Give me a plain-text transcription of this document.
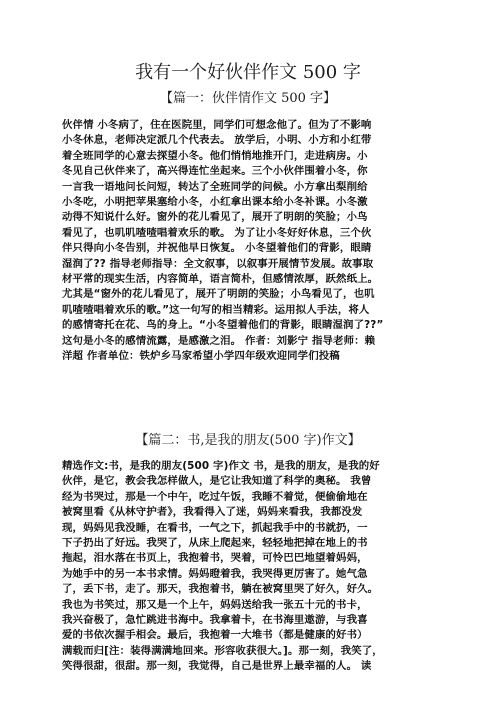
我有一个好伙伴作文 500 字
【篇一：伙伴情作文 500 字】
伙伴情 小冬病了，住在医院里，同学们可想念他了。但为了不影响
小冬休息，老师决定派几个代表去。 放学后，小明、小方和小红带
着全班同学的心意去探望小冬。他们悄悄地推开门，走进病房。小
冬见自己伙伴来了，高兴得连忙坐起来。三个小伙伴围着小冬，你
一言我一语地问长问短，转达了全班同学的问候。小方拿出梨削给
小冬吃，小明把苹果塞给小冬，小红拿出课本给小冬补课。小冬激
动得不知说什么好。窗外的花儿看见了，展开了明朗的笑脸；小鸟
看见了，也叽叽喳喳唱着欢乐的歌。 为了让小冬好好休息，三个伙
伴只得向小冬告别，并祝他早日恢复。 小冬望着他们的背影，眼睛
湿润了?? 指导老师指导：全文叙事，以叙事开展情节发展。故事取
材平常的现实生活，内容简单，语言简朴，但感情浓厚，跃然纸上。
尤其是“窗外的花儿看见了，展开了明朗的笑脸；小鸟看见了，也叽
叽喳喳唱着欢乐的歌。”这一句写的相当精彩。运用拟人手法，将人
的感情寄托在花、鸟的身上。“小冬望着他们的背影，眼睛湿润了??”
这句是小冬的感情流露，是感激之泪。 作者：刘影宁 指导老师：赖
洋超 作者单位：铁炉乡马家希望小学四年级欢迎同学们投稿
【篇二：书,是我的朋友(500 字)作文】
精选作文:书，是我的朋友(500 字)作文 书，是我的朋友，是我的好
伙伴，是它，教会我怎样做人，是它让我知道了科学的奥秘。 我曾
经为书哭过，那是一个中午，吃过午饭，我睡不着觉，便偷偷地在
被窝里看《从林守护者》，我看得入了迷，妈妈来看我，我都没发
现，妈妈见我没睡，在看书，一气之下，抓起我手中的书就扔，一
下子扔出了好远。我哭了，从床上爬起来，轻轻地把掉在地上的书
拖起，泪水落在书页上，我抱着书，哭着，可怜巴巴地望着妈妈，
为她手中的另一本书求情。妈妈瞪着我，我哭得更厉害了。她气急
了，丢下书，走了。那天，我抱着书，躺在被窝里哭了好久，好久。
我也为书笑过，那又是一个上午，妈妈送给我一张五十元的书卡，
我兴奋极了，急忙跳进书海中。我拿着卡，在书海里遨游，与我喜
爱的书依次握手相会。最后，我抱着一大堆书（都是健康的好书）
满载而归[注：装得满满地回来。形容收获很大。]。那一刻，我笑了，
笑得很甜，很甜。那一刻，我觉得，自己是世界上最幸福的人。 读
